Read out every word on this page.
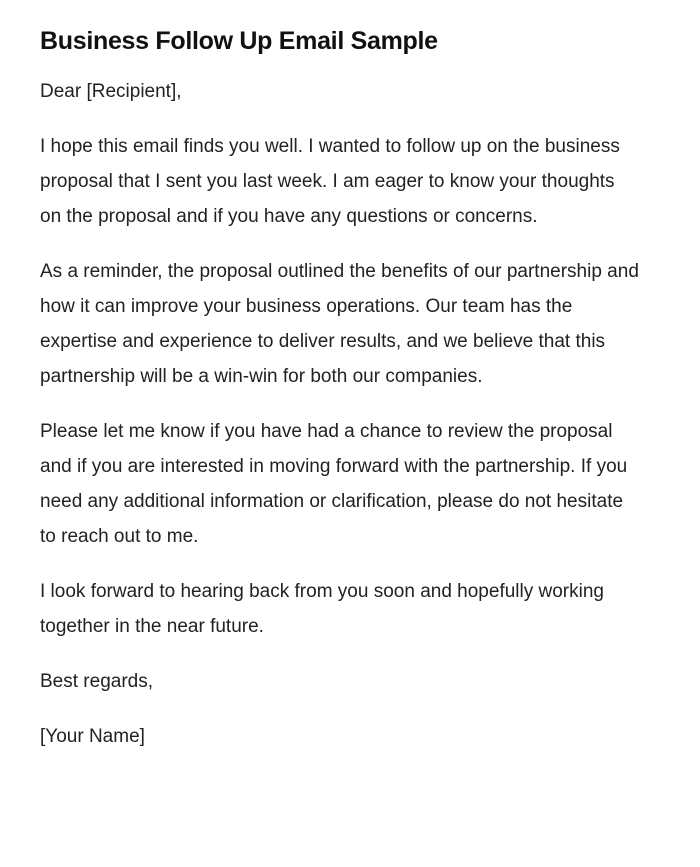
Business Follow Up Email Sample

Dear [Recipient],

I hope this email finds you well. I wanted to follow up on the business proposal that I sent you last week. I am eager to know your thoughts on the proposal and if you have any questions or concerns.

As a reminder, the proposal outlined the benefits of our partnership and how it can improve your business operations. Our team has the expertise and experience to deliver results, and we believe that this partnership will be a win-win for both our companies.

Please let me know if you have had a chance to review the proposal and if you are interested in moving forward with the partnership. If you need any additional information or clarification, please do not hesitate to reach out to me.

I look forward to hearing back from you soon and hopefully working together in the near future.

Best regards,

[Your Name]
